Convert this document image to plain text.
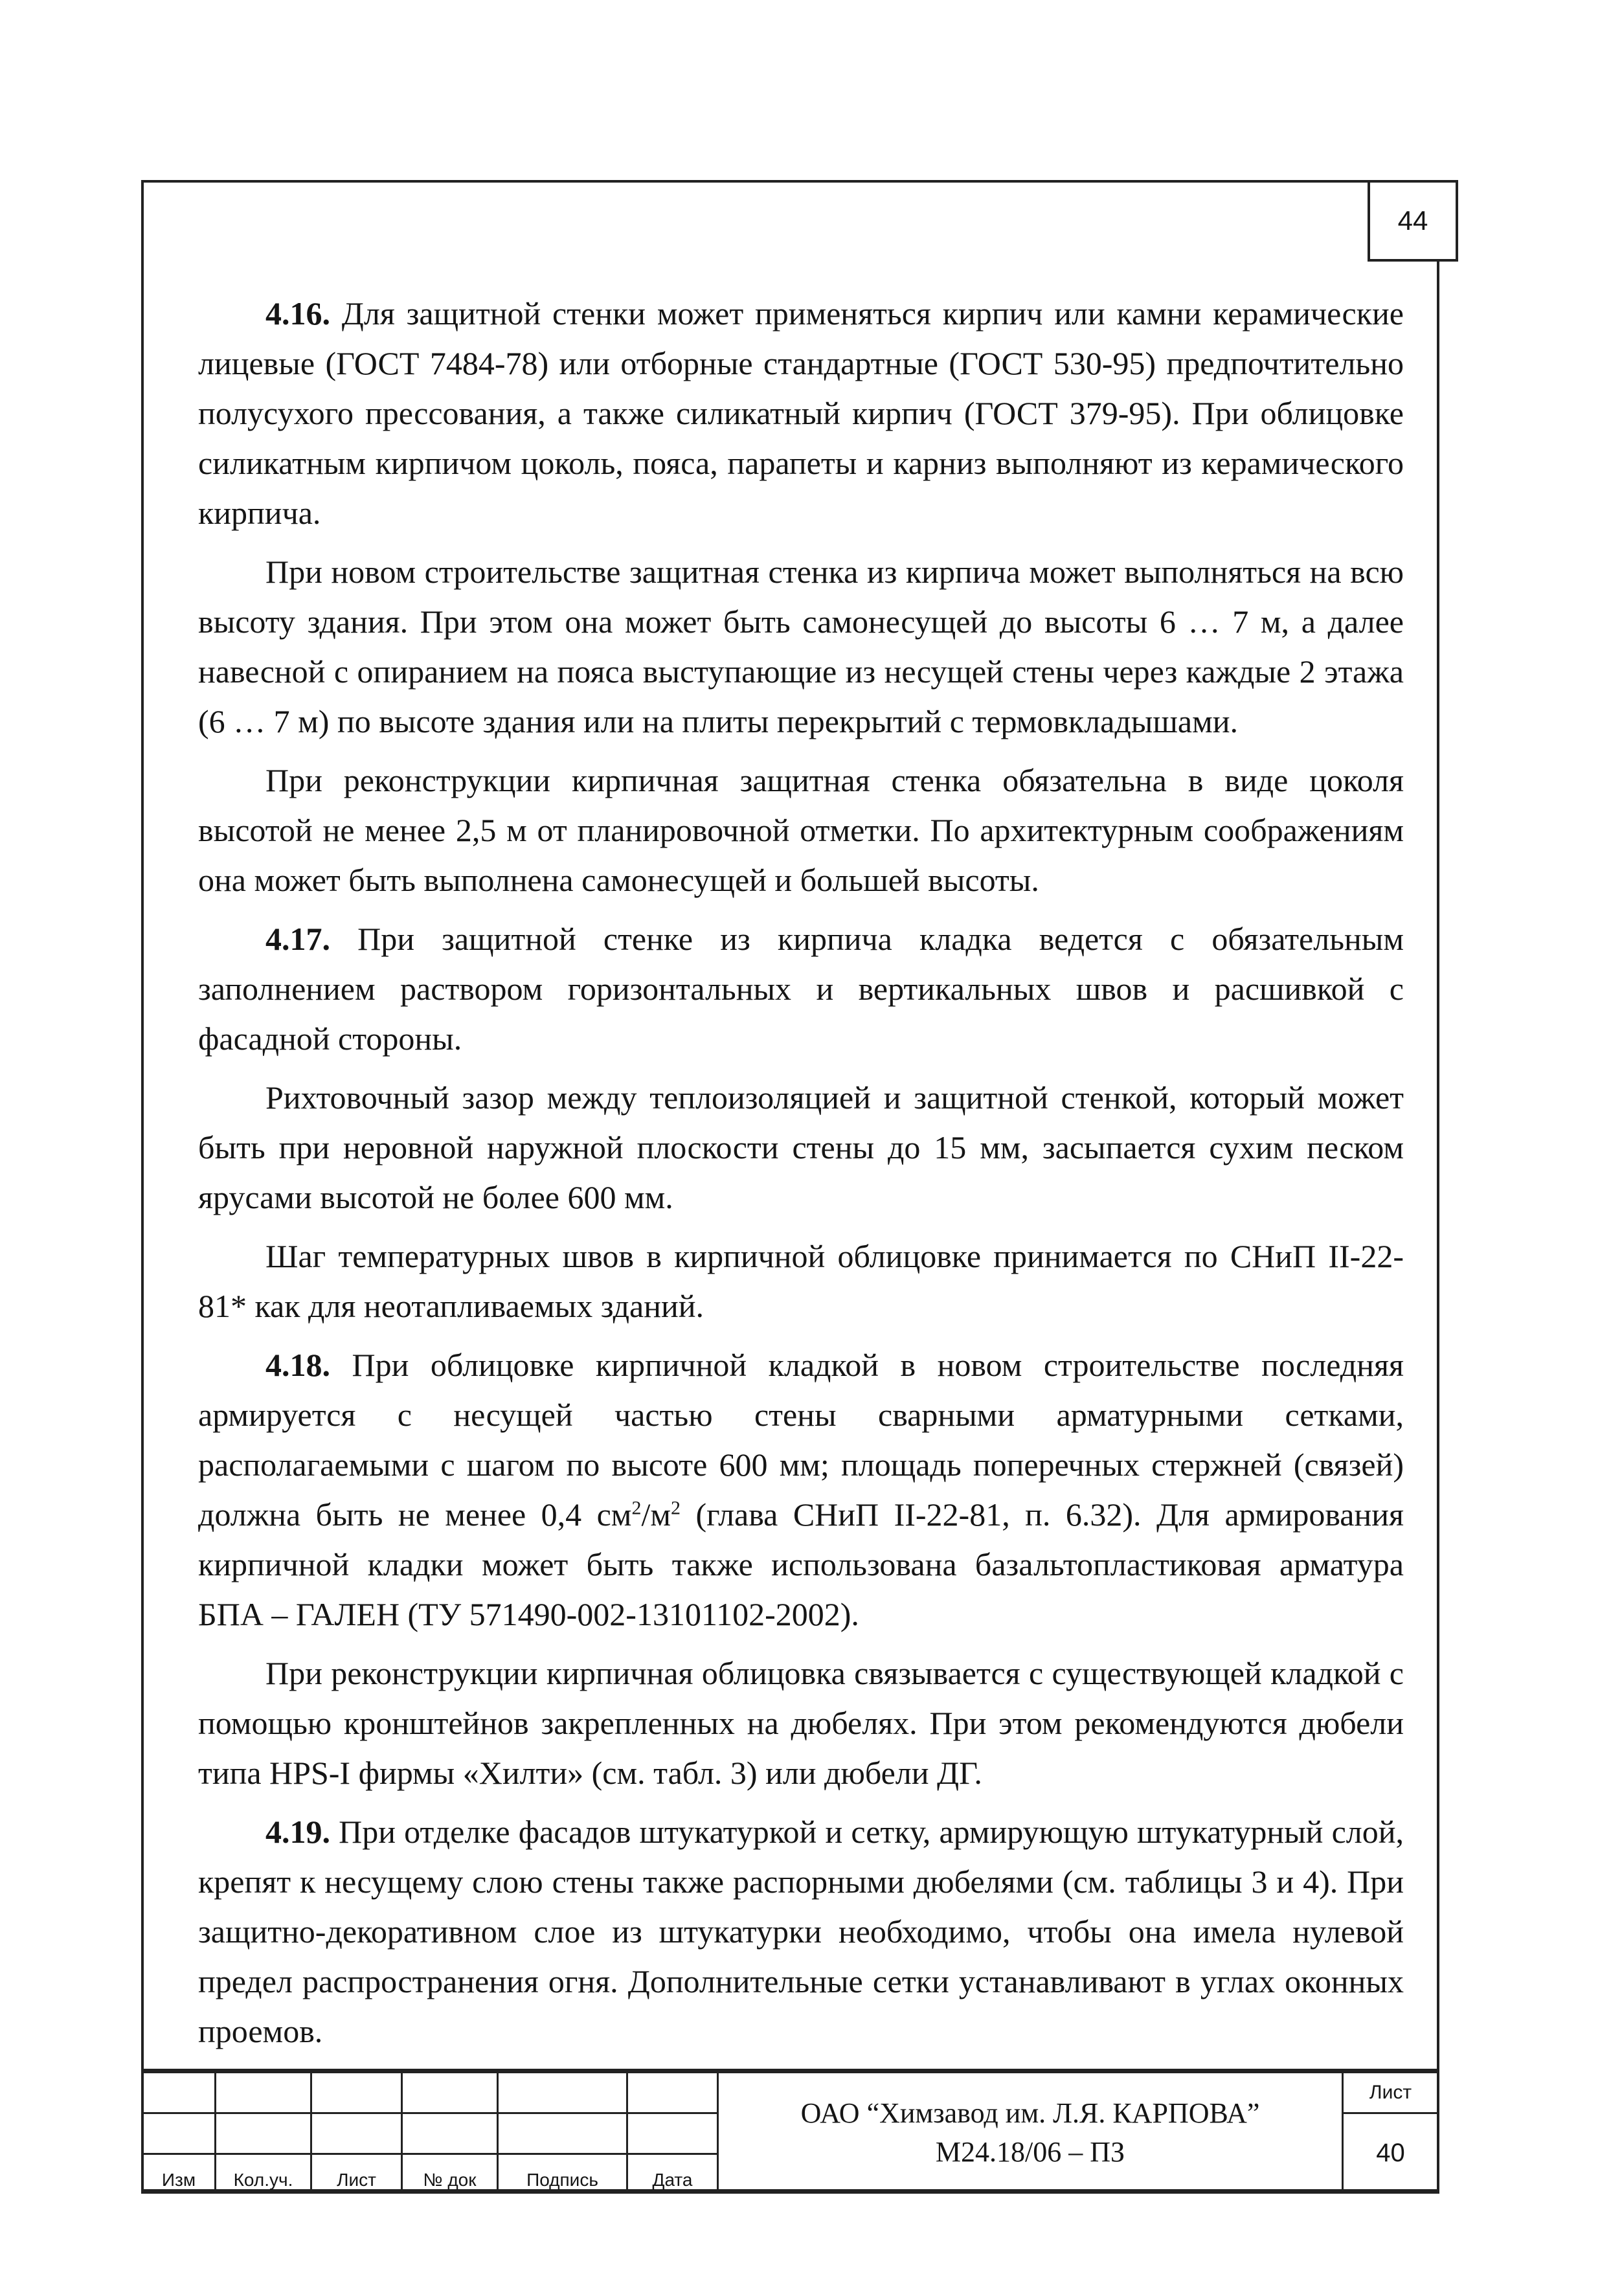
44

4.16. Для защитной стенки может применяться кирпич или камни керамические лицевые (ГОСТ 7484-78) или отборные стандартные (ГОСТ 530-95) предпочтительно полусухого прессования, а также силикатный кирпич (ГОСТ 379-95). При облицовке силикатным кирпичом цоколь, пояса, парапеты и карниз выполняют из керамического кирпича.

При новом строительстве защитная стенка из кирпича может выполняться на всю высоту здания. При этом она может быть самонесущей до высоты 6 … 7 м, а далее навесной с опиранием на пояса выступающие из несущей стены через каждые 2 этажа (6 … 7 м) по высоте здания или на плиты перекрытий с термовкладышами.

При реконструкции кирпичная защитная стенка обязательна в виде цоколя высотой не менее 2,5 м от планировочной отметки. По архитектурным соображениям она может быть выполнена самонесущей и большей высоты.

4.17. При защитной стенке из кирпича кладка ведется с обязательным заполнением раствором горизонтальных и вертикальных швов и расшивкой с фасадной стороны.

Рихтовочный зазор между теплоизоляцией и защитной стенкой, который может быть при неровной наружной плоскости стены до 15 мм, засыпается сухим песком ярусами высотой не более 600 мм.

Шаг температурных швов в кирпичной облицовке принимается по СНиП II-22-81* как для неотапливаемых зданий.

4.18. При облицовке кирпичной кладкой в новом строительстве последняя армируется с несущей частью стены сварными арматурными сетками, располагаемыми с шагом по высоте 600 мм; площадь поперечных стержней (связей) должна быть не менее 0,4 $см^2/м^2$ (глава СНиП II-22-81, п. 6.32). Для армирования кирпичной кладки может быть также использована базальтопластиковая арматура БПА – ГАЛЕН (ТУ 571490-002-13101102-2002).

При реконструкции кирпичная облицовка связывается с существующей кладкой с помощью кронштейнов закрепленных на дюбелях. При этом рекомендуются дюбели типа HPS-I фирмы «Хилти» (см. табл. 3) или дюбели ДГ.

4.19. При отделке фасадов штукатуркой и сетку, армирующую штукатурный слой, крепят к несущему слою стены также распорными дюбелями (см. таблицы 3 и 4). При защитно-декоративном слое из штукатурки необходимо, чтобы она имела нулевой предел распространения огня. Дополнительные сетки устанавливают в углах оконных проемов.

						ОАО “Химзавод им. Л.Я. КАРПОВА”
М24.18/06 – ПЗ	Лист
							40
Изм	Кол.уч.	Лист	№ док	Подпись	Дата		
